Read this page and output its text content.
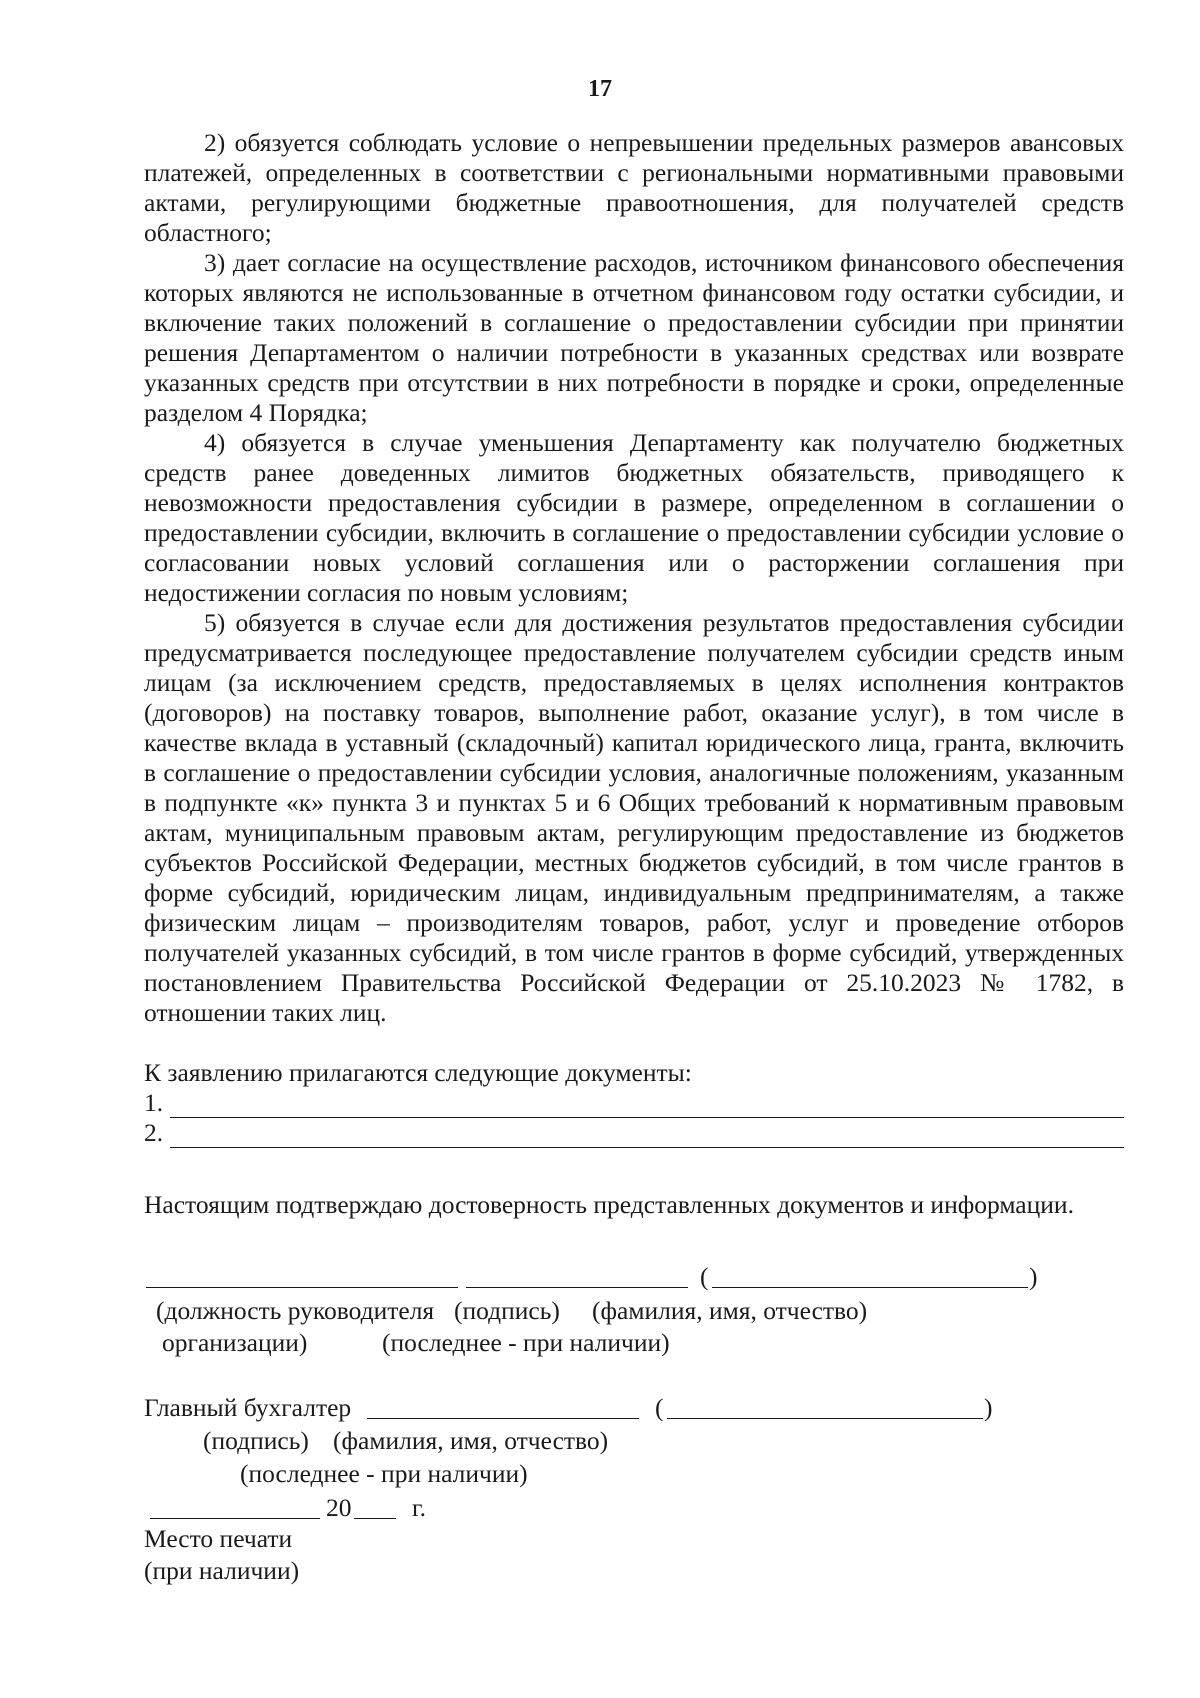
17

2) обязуется соблюдать условие о непревышении предельных размеров авансовых платежей, определенных в соответствии с региональными нормативными правовыми актами, регулирующими бюджетные правоотношения, для получателей средств областного;

3) дает согласие на осуществление расходов, источником финансового обеспечения которых являются не использованные в отчетном финансовом году остатки субсидии, и включение таких положений в соглашение о предоставлении субсидии при принятии решения Департаментом о наличии потребности в указанных средствах или возврате указанных средств при отсутствии в них потребности в порядке и сроки, определенные разделом 4 Порядка;

4) обязуется в случае уменьшения Департаменту как получателю бюджетных средств ранее доведенных лимитов бюджетных обязательств, приводящего к невозможности предоставления субсидии в размере, определенном в соглашении о предоставлении субсидии, включить в соглашение о предоставлении субсидии условие о согласовании новых условий соглашения или о расторжении соглашения при недостижении согласия по новым условиям;

5) обязуется в случае если для достижения результатов предоставления субсидии предусматривается последующее предоставление получателем субсидии средств иным лицам (за исключением средств, предоставляемых в целях исполнения контрактов (договоров) на поставку товаров, выполнение работ, оказание услуг), в том числе в качестве вклада в уставный (складочный) капитал юридического лица, гранта, включить в соглашение о предоставлении субсидии условия, аналогичные положениям, указанным в подпункте «к» пункта 3 и пунктах 5 и 6 Общих требований к нормативным правовым актам, муниципальным правовым актам, регулирующим предоставление из бюджетов субъектов Российской Федерации, местных бюджетов субсидий, в том числе грантов в форме субсидий, юридическим лицам, индивидуальным предпринимателям, а также физическим лицам – производителям товаров, работ, услуг и проведение отборов получателей указанных субсидий, в том числе грантов в форме субсидий, утвержденных постановлением Правительства Российской Федерации от 25.10.2023 № 1782, в отношении таких лиц.

К заявлению прилагаются следующие документы:

1.
2.

Настоящим подтверждаю достоверность представленных документов и информации.

(	)
(должность руководителя (подпись) (фамилия, имя, отчество)
организации)	(последнее - при наличии)
Главный бухгалтер	(	)
(подпись) (фамилия, имя, отчество)
(последнее - при наличии)
20 г.
Место печати
(при наличии)
